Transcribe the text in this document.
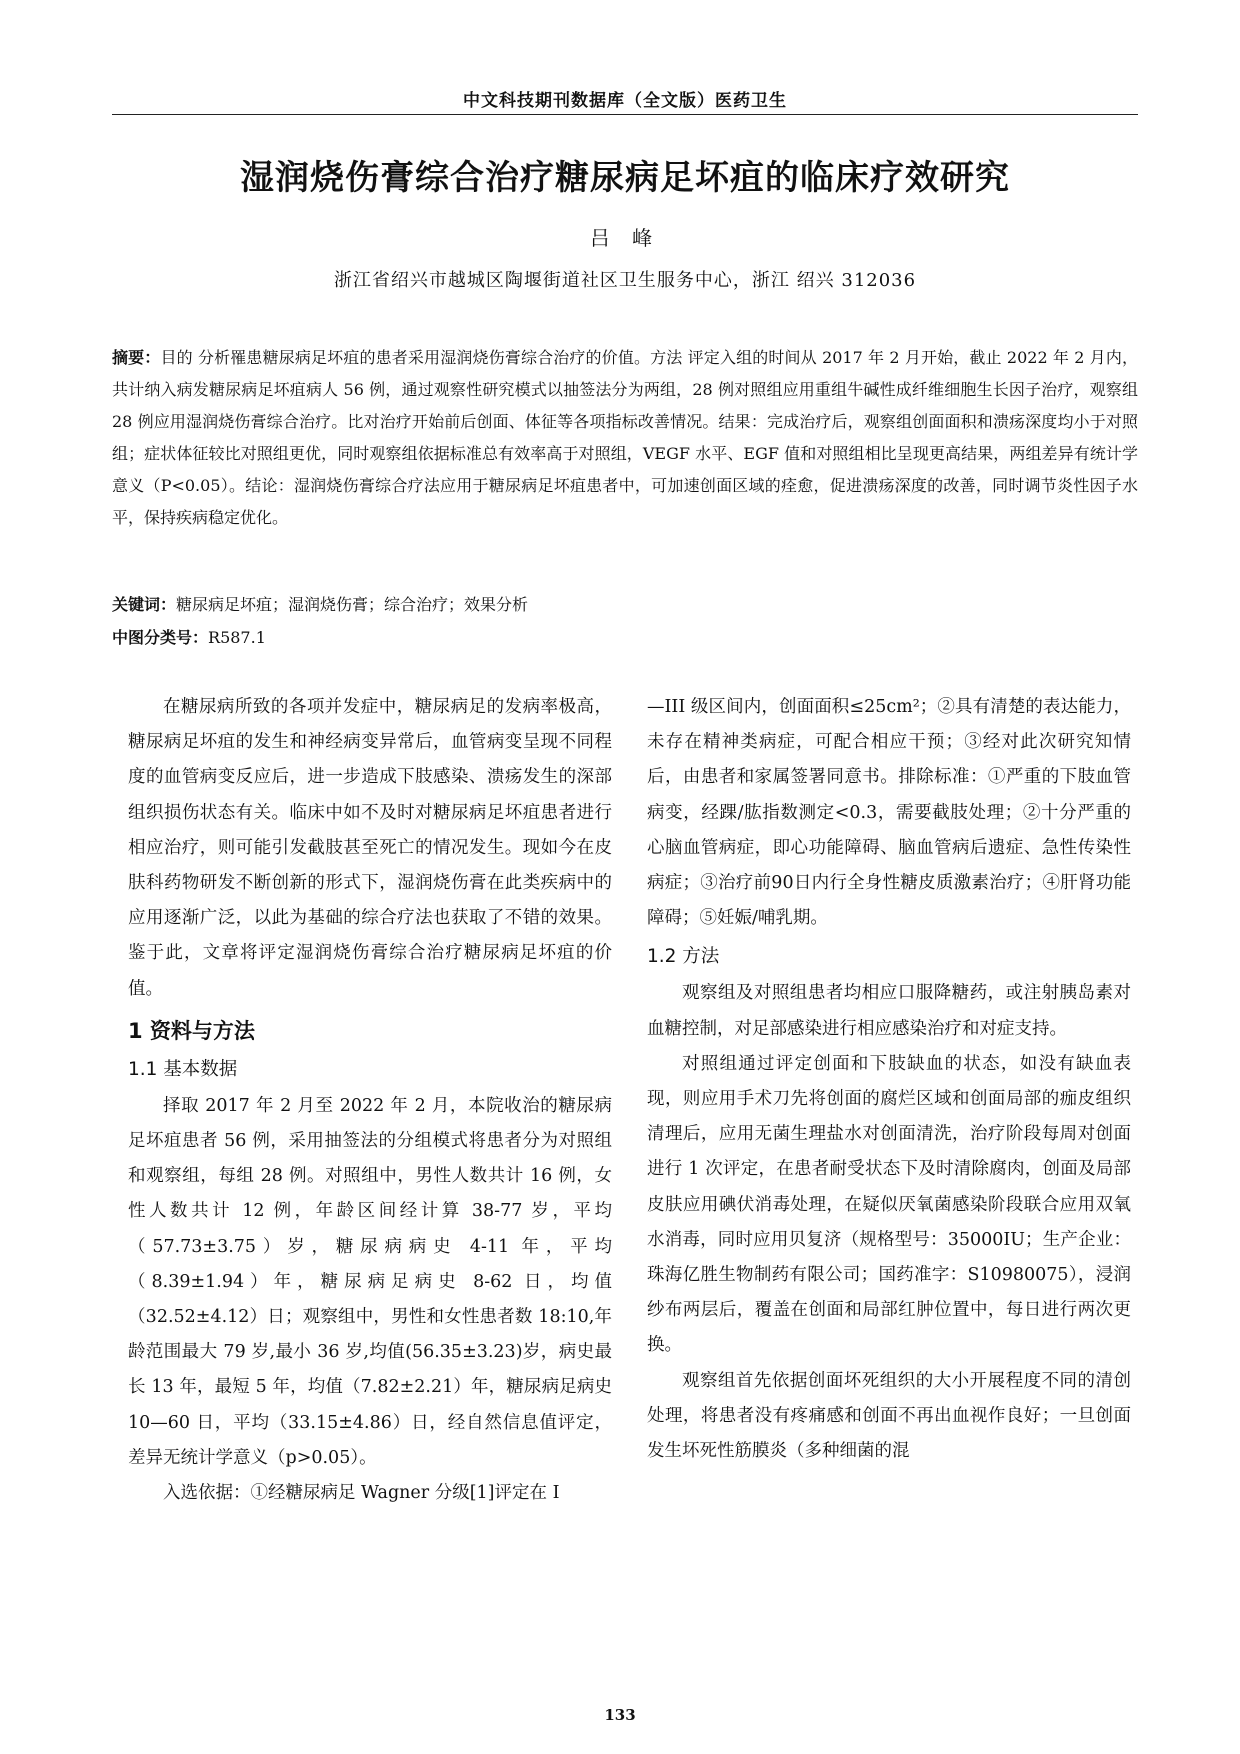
中文科技期刊数据库（全文版）医药卫生
湿润烧伤膏综合治疗糖尿病足坏疽的临床疗效研究
吕 峰
浙江省绍兴市越城区陶堰街道社区卫生服务中心，浙江 绍兴 312036
摘要：目的 分析罹患糖尿病足坏疽的患者采用湿润烧伤膏综合治疗的价值。方法 评定入组的时间从 2017 年 2 月开始，截止 2022 年 2 月内，共计纳入病发糖尿病足坏疽病人 56 例，通过观察性研究模式以抽签法分为两组，28 例对照组应用重组牛碱性成纤维细胞生长因子治疗，观察组 28 例应用湿润烧伤膏综合治疗。比对治疗开始前后创面、体征等各项指标改善情况。结果：完成治疗后，观察组创面面积和溃疡深度均小于对照组；症状体征较比对照组更优，同时观察组依据标准总有效率高于对照组，VEGF 水平、EGF 值和对照组相比呈现更高结果，两组差异有统计学意义（P<0.05）。结论：湿润烧伤膏综合疗法应用于糖尿病足坏疽患者中，可加速创面区域的痊愈，促进溃疡深度的改善，同时调节炎性因子水平，保持疾病稳定优化。
关键词：糖尿病足坏疽；湿润烧伤膏；综合治疗；效果分析
中图分类号：R587.1

在糖尿病所致的各项并发症中，糖尿病足的发病率极高，糖尿病足坏疽的发生和神经病变异常后，血管病变呈现不同程度的血管病变反应后，进一步造成下肢感染、溃疡发生的深部组织损伤状态有关。临床中如不及时对糖尿病足坏疽患者进行相应治疗，则可能引发截肢甚至死亡的情况发生。现如今在皮肤科药物研发不断创新的形式下，湿润烧伤膏在此类疾病中的应用逐渐广泛，以此为基础的综合疗法也获取了不错的效果。鉴于此，文章将评定湿润烧伤膏综合治疗糖尿病足坏疽的价值。

1 资料与方法
1.1 基本数据

择取 2017 年 2 月至 2022 年 2 月，本院收治的糖尿病足坏疽患者 56 例，采用抽签法的分组模式将患者分为对照组和观察组，每组 28 例。对照组中，男性人数共计 16 例，女性人数共计 12 例，年龄区间经计算 38-77 岁，平均（57.73±3.75）岁，糖尿病病史 4-11 年，平均（8.39±1.94）年，糖尿病足病史 8-62 日，均值（32.52±4.12）日；观察组中，男性和女性患者数 18:10,年龄范围最大 79 岁,最小 36 岁,均值(56.35±3.23)岁，病史最长 13 年，最短 5 年，均值（7.82±2.21）年，糖尿病足病史 10—60 日，平均（33.15±4.86）日，经自然信息值评定，差异无统计学意义（p>0.05）。

入选依据：①经糖尿病足 Wagner 分级[1]评定在 I

—III 级区间内，创面面积≤25cm²；②具有清楚的表达能力，未存在精神类病症，可配合相应干预；③经对此次研究知情后，由患者和家属签署同意书。排除标准：①严重的下肢血管病变，经踝/肱指数测定<0.3，需要截肢处理；②十分严重的心脑血管病症，即心功能障碍、脑血管病后遗症、急性传染性病症；③治疗前90日内行全身性糖皮质激素治疗；④肝肾功能障碍；⑤妊娠/哺乳期。

1.2 方法

观察组及对照组患者均相应口服降糖药，或注射胰岛素对血糖控制，对足部感染进行相应感染治疗和对症支持。

对照组通过评定创面和下肢缺血的状态，如没有缺血表现，则应用手术刀先将创面的腐烂区域和创面局部的痂皮组织清理后，应用无菌生理盐水对创面清洗，治疗阶段每周对创面进行 1 次评定，在患者耐受状态下及时清除腐肉，创面及局部皮肤应用碘伏消毒处理，在疑似厌氧菌感染阶段联合应用双氧水消毒，同时应用贝复济（规格型号：35000IU；生产企业：珠海亿胜生物制药有限公司；国药准字：S10980075），浸润纱布两层后，覆盖在创面和局部红肿位置中，每日进行两次更换。

观察组首先依据创面坏死组织的大小开展程度不同的清创处理，将患者没有疼痛感和创面不再出血视作良好；一旦创面发生坏死性筋膜炎（多种细菌的混

133
